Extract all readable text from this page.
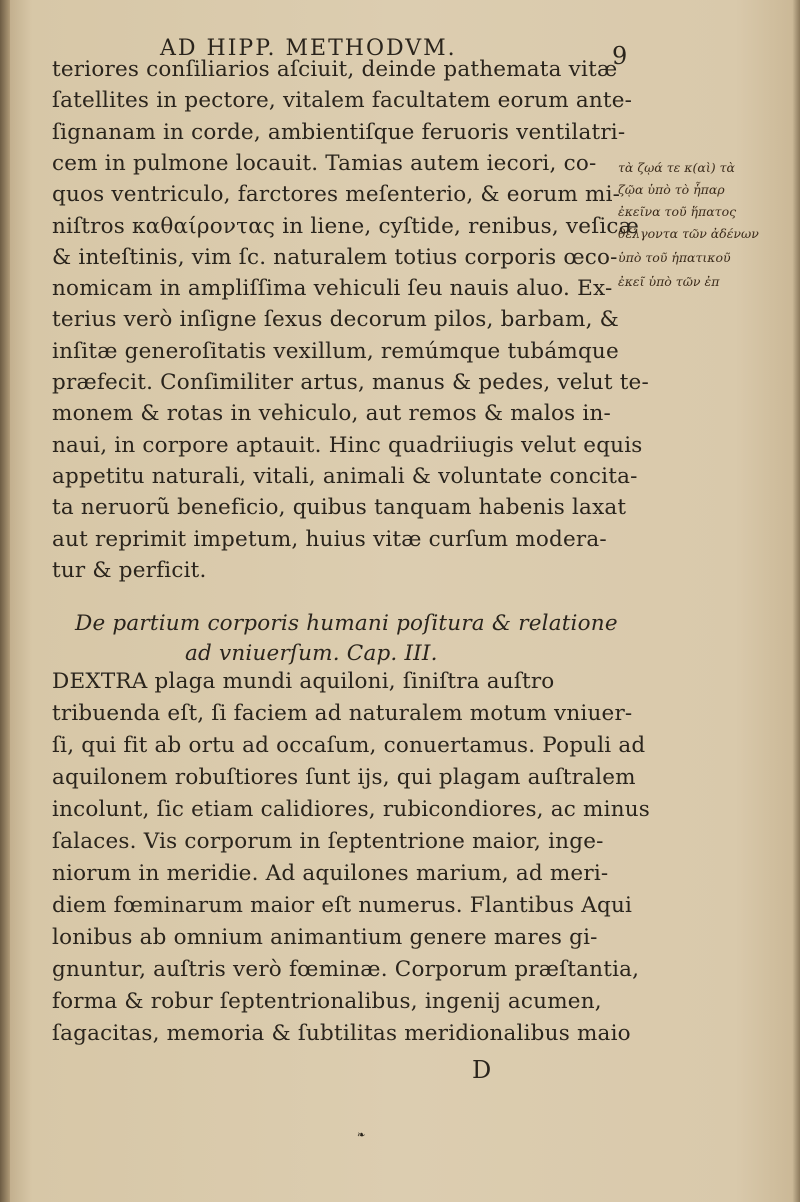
AD HIPP. METHODVM.	9
teriores conſiliarios aſciuit, deinde pathemata vitæ
ſatellites in pectore, vitalem facultatem eorum ante-
ſignanam in corde, ambientiſque feruoris ventilatri-
cem in pulmone locauit. Tamias autem iecori, co-
quos ventriculo, farctores meſenterio, & eorum mi-
niſtros καθαίροντας in liene, cyſtide, renibus, veſicæ
& inteſtinis, vim ſc. naturalem totius corporis œco-
nomicam in ampliſſima vehiculi ſeu nauis aluo. Ex-
terius verò inſigne ſexus decorum pilos, barbam, &
inſitæ generoſitatis vexillum, remúmque tubámque
præfecit. Conſimiliter artus, manus & pedes, velut te-
monem & rotas in vehiculo, aut remos & malos in-
naui, in corpore aptauit. Hinc quadriiugis velut equis
appetitu naturali, vitali, animali & voluntate concita-
ta neruorũ beneficio, quibus tanquam habenis laxat
aut reprimit impetum, huius vitæ curſum modera-
tur & perficit.
De partium corporis humani poſitura & relatione
ad vniuerſum. Cap. III.
DEXTRA plaga mundi aquiloni, ſiniſtra auſtro
tribuenda eſt, ſi faciem ad naturalem motum vniuer-
ſi, qui fit ab ortu ad occaſum, conuertamus. Populi ad
aquilonem robuſtiores ſunt ijs, qui plagam auſtralem
incolunt, ſic etiam calidiores, rubicondiores, ac minus
ſalaces. Vis corporum in ſeptentrione maior, inge-
niorum in meridie. Ad aquilones marium, ad meri-
diem fœminarum maior eſt numerus. Flantibus Aqui
lonibus ab omnium animantium genere mares gi-
gnuntur, auſtris verò fœminæ. Corporum præſtantia,
forma & robur ſeptentrionalibus, ingenij acumen,
ſagacitas, memoria & ſubtilitas meridionalibus maio
τὰ ζῳά τε κ(αὶ) τὰ
ζῷα ὑπὸ τὸ ἧπαρ
ἐκεῖνα τοῦ ἥπατος
θέλγοντα τῶν ἀδένων
ὑπὸ τοῦ ἡπατικοῦ
ἐκεῖ ὑπὸ τῶν ἐπ
D
❧
